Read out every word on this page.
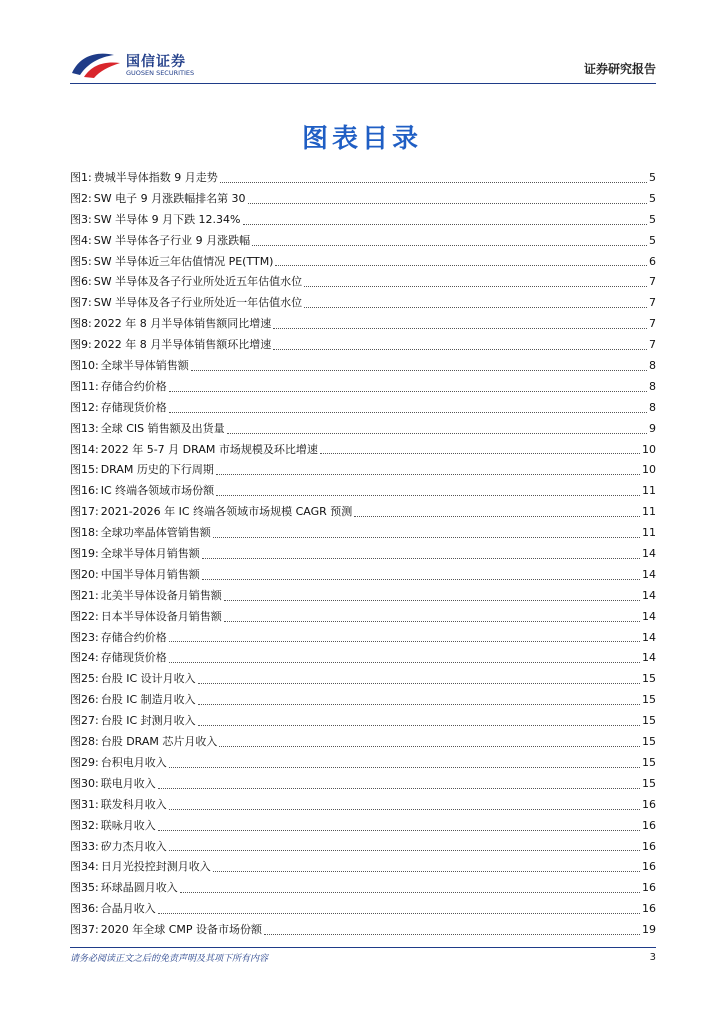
国信证券
GUOSEN SECURITIES	证券研究报告
图表目录
图1: 费城半导体指数 9 月走势	5
图2: SW 电子 9 月涨跌幅排名第 30	5
图3: SW 半导体 9 月下跌 12.34%	5
图4: SW 半导体各子行业 9 月涨跌幅	5
图5: SW 半导体近三年估值情况 PE(TTM)	6
图6: SW 半导体及各子行业所处近五年估值水位	7
图7: SW 半导体及各子行业所处近一年估值水位	7
图8: 2022 年 8 月半导体销售额同比增速	7
图9: 2022 年 8 月半导体销售额环比增速	7
图10: 全球半导体销售额	8
图11: 存储合约价格	8
图12: 存储现货价格	8
图13: 全球 CIS 销售额及出货量	9
图14: 2022 年 5-7 月 DRAM 市场规模及环比增速	10
图15: DRAM 历史的下行周期	10
图16: IC 终端各领域市场份额	11
图17: 2021-2026 年 IC 终端各领域市场规模 CAGR 预测	11
图18: 全球功率晶体管销售额	11
图19: 全球半导体月销售额	14
图20: 中国半导体月销售额	14
图21: 北美半导体设备月销售额	14
图22: 日本半导体设备月销售额	14
图23: 存储合约价格	14
图24: 存储现货价格	14
图25: 台股 IC 设计月收入	15
图26: 台股 IC 制造月收入	15
图27: 台股 IC 封测月收入	15
图28: 台股 DRAM 芯片月收入	15
图29: 台积电月收入	15
图30: 联电月收入	15
图31: 联发科月收入	16
图32: 联咏月收入	16
图33: 矽力杰月收入	16
图34: 日月光投控封测月收入	16
图35: 环球晶圆月收入	16
图36: 合晶月收入	16
图37: 2020 年全球 CMP 设备市场份额	19
请务必阅读正文之后的免责声明及其项下所有内容	3
